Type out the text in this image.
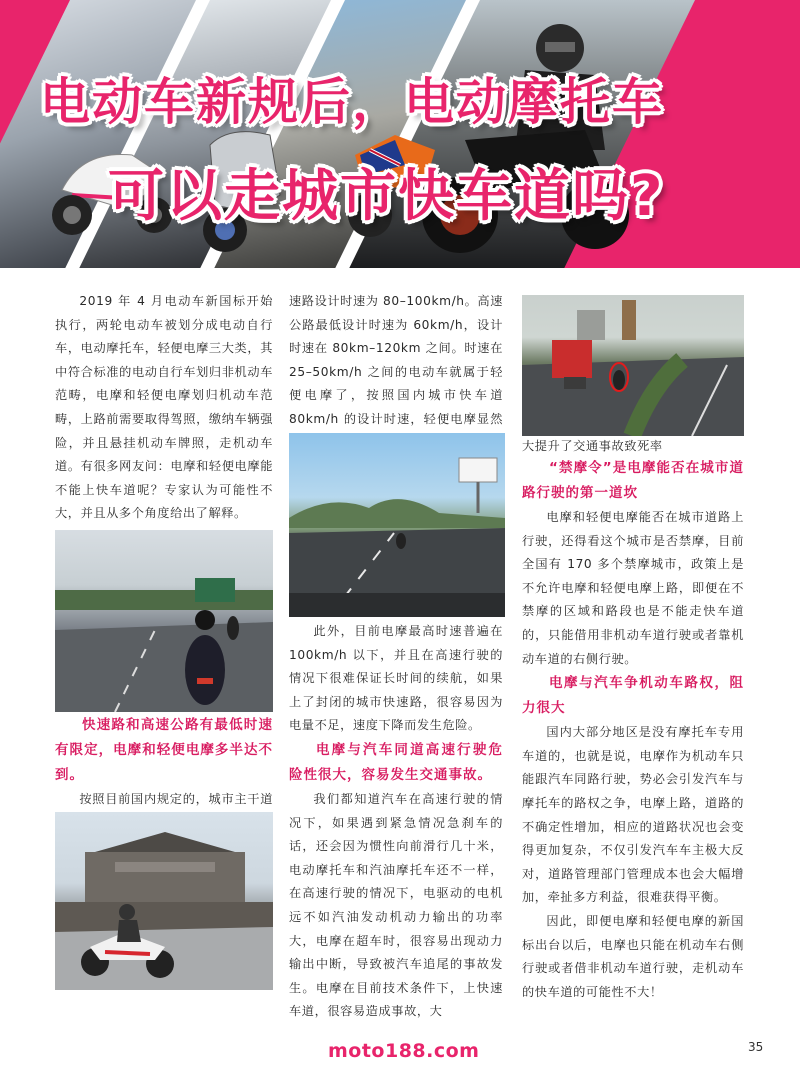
电动车新规后，电动摩托车
可以走城市快车道吗?

2019 年 4 月电动车新国标开始执行，两轮电动车被划分成电动自行车，电动摩托车，轻便电摩三大类，其中符合标准的电动自行车划归非机动车范畴，电摩和轻便电摩划归机动车范畴，上路前需要取得驾照，缴纳车辆强险，并且悬挂机动车牌照，走机动车道。有很多网友问：电摩和轻便电摩能不能上快车道呢？专家认为可能性不大，并且从多个角度给出了解释。

快速路和高速公路有最低时速有限定，电摩和轻便电摩多半达不到。

按照目前国内规定的，城市主干道

速路设计时速为 80–100km/h。高速公路最低设计时速为 60km/h，设计时速在 80km–120km 之间。时速在 25–50km/h 之间的电动车就属于轻便电摩了，按照国内城市快车道 80km/h 的设计时速，轻便电摩显然

此外，目前电摩最高时速普遍在 100km/h 以下，并且在高速行驶的情况下很难保证长时间的续航，如果上了封闭的城市快速路，很容易因为电量不足，速度下降而发生危险。

电摩与汽车同道高速行驶危险性很大，容易发生交通事故。

我们都知道汽车在高速行驶的情况下，如果遇到紧急情况急刹车的话，还会因为惯性向前滑行几十米，电动摩托车和汽油摩托车还不一样，在高速行驶的情况下，电驱动的电机远不如汽油发动机动力输出的功率大，电摩在超车时，很容易出现动力输出中断，导致被汽车追尾的事故发生。电摩在目前技术条件下，上快速车道，很容易造成事故，大

大提升了交通事故致死率
“禁摩令”是电摩能否在城市道路行驶的第一道坎

电摩和轻便电摩能否在城市道路上行驶，还得看这个城市是否禁摩，目前全国有 170 多个禁摩城市，政策上是不允许电摩和轻便电摩上路，即便在不禁摩的区域和路段也是不能走快车道的，只能借用非机动车道行驶或者靠机动车道的右侧行驶。

电摩与汽车争机动车路权，阻力很大

国内大部分地区是没有摩托车专用车道的，也就是说，电摩作为机动车只能跟汽车同路行驶，势必会引发汽车与摩托车的路权之争，电摩上路，道路的不确定性增加，相应的道路状况也会变得更加复杂，不仅引发汽车车主极大反对，道路管理部门管理成本也会大幅增加，牵扯多方利益，很难获得平衡。

因此，即便电摩和轻便电摩的新国标出台以后，电摩也只能在机动车右侧行驶或者借非机动车道行驶，走机动车的快车道的可能性不大！

moto188.com	35
